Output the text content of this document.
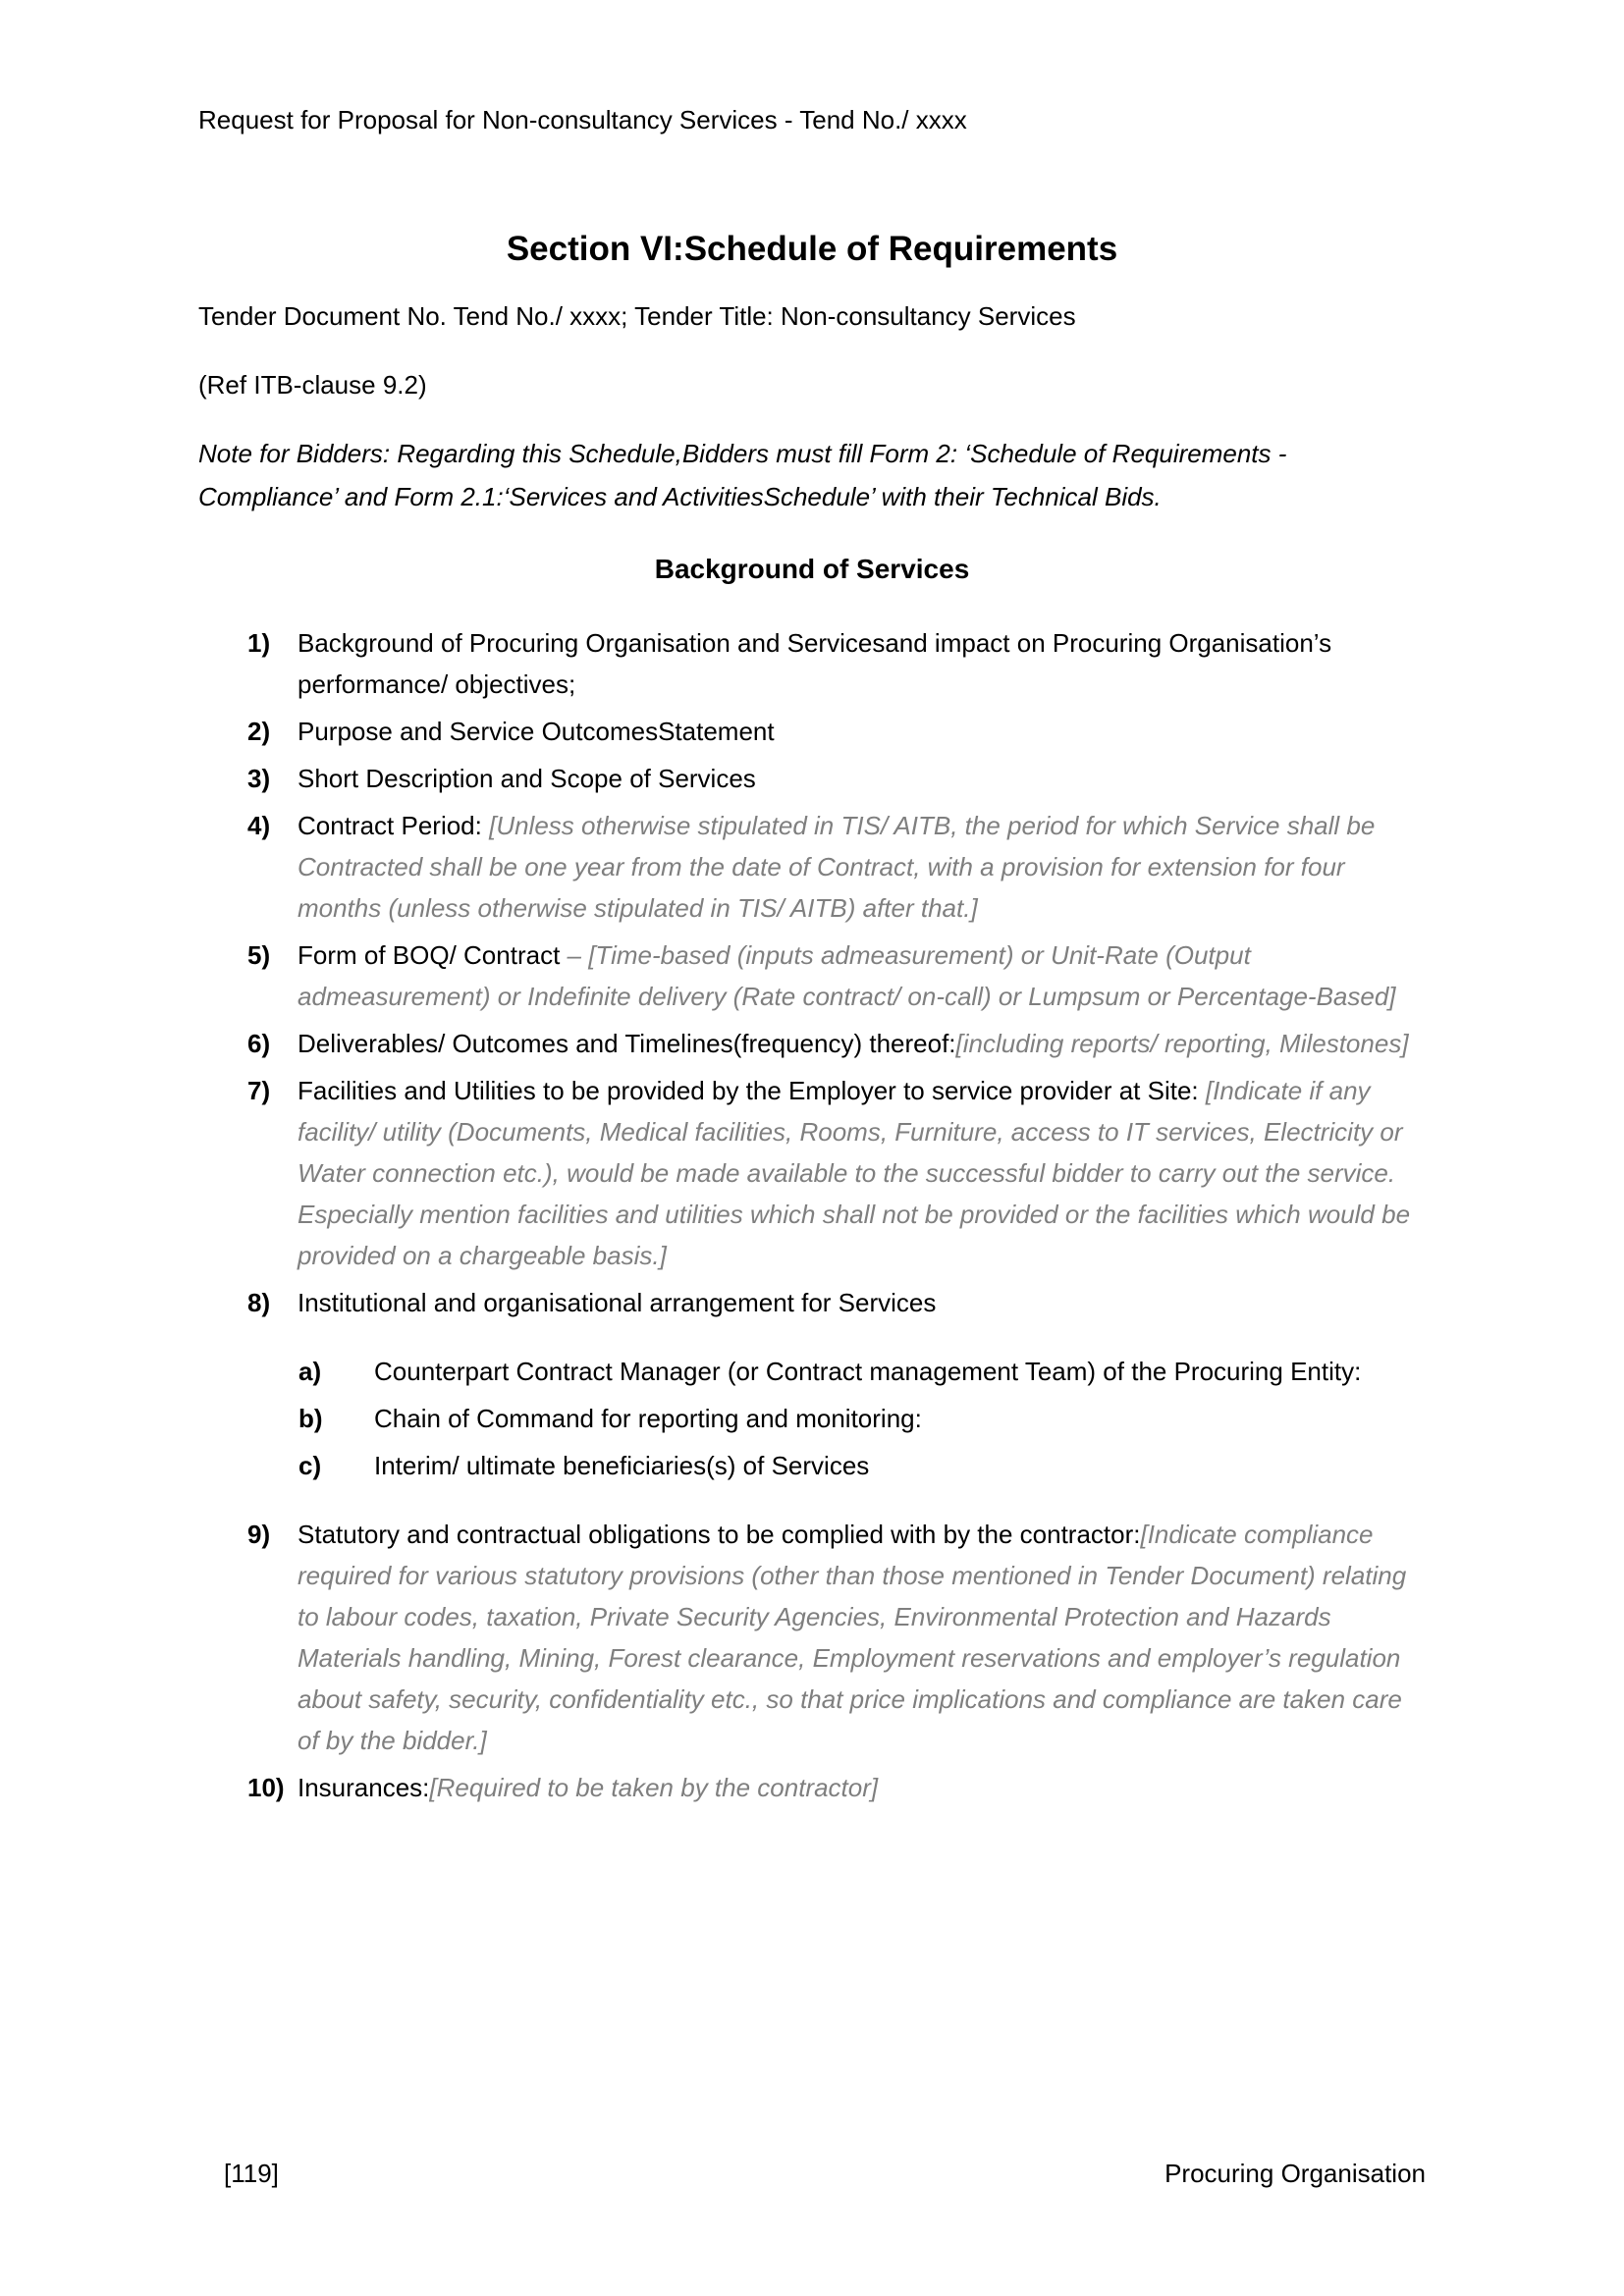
Request for Proposal for Non-consultancy Services - Tend No./ xxxx
Section VI:Schedule of Requirements
Tender Document No. Tend No./ xxxx; Tender Title: Non-consultancy Services
(Ref ITB-clause 9.2)
Note for Bidders: Regarding this Schedule,Bidders must fill Form 2: ‘Schedule of Requirements - Compliance’ and Form 2.1:‘Services and ActivitiesSchedule’ with their Technical Bids.
Background of Services
1) Background of Procuring Organisation and Servicesand impact on Procuring Organisation’s performance/ objectives;
2) Purpose and Service OutcomesStatement
3) Short Description and Scope of Services
4) Contract Period: [Unless otherwise stipulated in TIS/ AITB, the period for which Service shall be Contracted shall be one year from the date of Contract, with a provision for extension for four months (unless otherwise stipulated in TIS/ AITB) after that.]
5) Form of BOQ/ Contract – [Time-based (inputs admeasurement) or Unit-Rate (Output admeasurement) or Indefinite delivery (Rate contract/ on-call) or Lumpsum or Percentage-Based]
6) Deliverables/ Outcomes and Timelines(frequency) thereof:[including reports/ reporting, Milestones]
7) Facilities and Utilities to be provided by the Employer to service provider at Site: [Indicate if any facility/ utility (Documents, Medical facilities, Rooms, Furniture, access to IT services, Electricity or Water connection etc.), would be made available to the successful bidder to carry out the service. Especially mention facilities and utilities which shall not be provided or the facilities which would be provided on a chargeable basis.]
8) Institutional and organisational arrangement for Services
a) Counterpart Contract Manager (or Contract management Team) of the Procuring Entity:
b) Chain of Command for reporting and monitoring:
c) Interim/ ultimate beneficiaries(s) of Services
9) Statutory and contractual obligations to be complied with by the contractor:[Indicate compliance required for various statutory provisions (other than those mentioned in Tender Document) relating to labour codes, taxation, Private Security Agencies, Environmental Protection and Hazards Materials handling, Mining, Forest clearance, Employment reservations and employer’s regulation about safety, security, confidentiality etc., so that price implications and compliance are taken care of by the bidder.]
10) Insurances:[Required to be taken by the contractor]
[119]	Procuring Organisation
